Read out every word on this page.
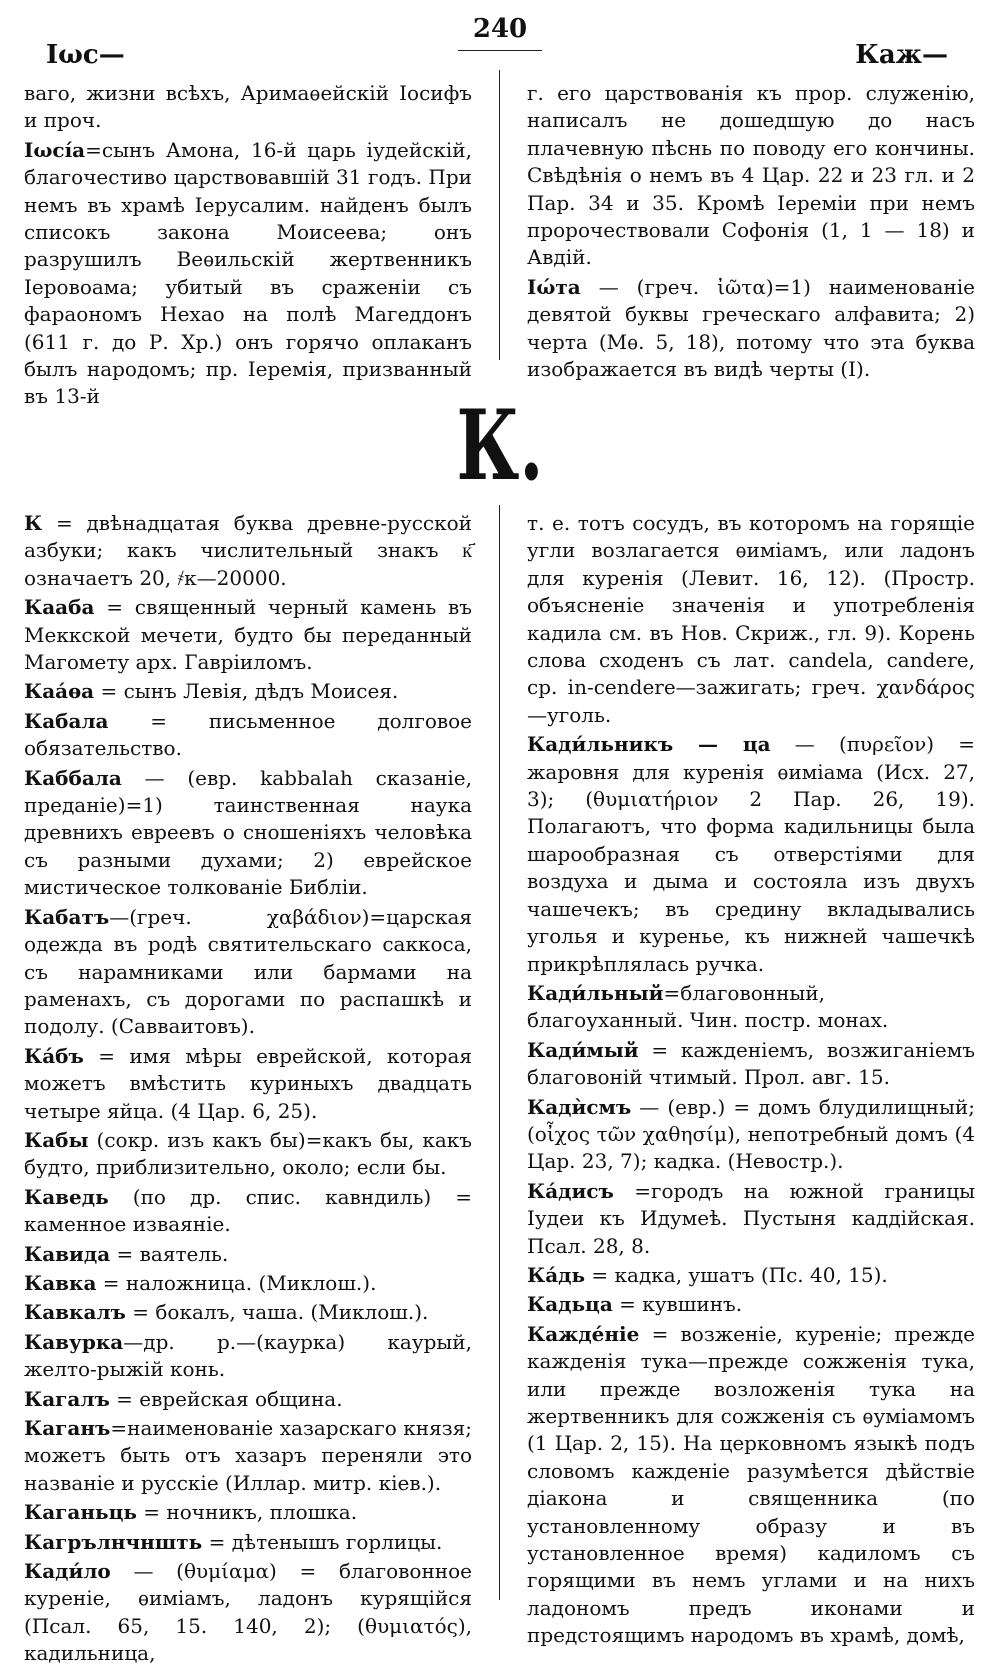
240
Іωс—	Каж—
ваго, жизни всѣхъ, Аримаѳейскій Іосифъ и проч.
Іωсі́а=сынъ Амона, 16-й царь іудейскій, благочестиво царствовавшій 31 годъ. При немъ въ храмѣ Іерусалим. найденъ былъ списокъ закона Моисеева; онъ разрушилъ Веѳильскій жертвенникъ Іеровоама; убитый въ сраженіи съ фараономъ Нехао на полѣ Магеддонъ (611 г. до Р. Хр.) онъ горячо оплаканъ былъ народомъ; пр. Іеремія, призванный въ 13-й
г. его царствованія къ прор. служенію, написалъ не дошедшую до насъ плачевную пѣснь по поводу его кончины. Свѣдѣнія о немъ въ 4 Цар. 22 и 23 гл. и 2 Пар. 34 и 35. Кромѣ Іереміи при немъ пророчествовали Софонія (1, 1 — 18) и Авдій.
Іώта — (греч. ἰῶτα)=1) наименованіе девятой буквы греческаго алфавита; 2) черта (Мѳ. 5, 18), потому что эта буква изображается въ видѣ черты (I).
К.
К = двѣнадцатая буква древне-русской азбуки; какъ числительный знакъ к҃ означаетъ 20, ҂к—20000.
Кааба = священный черный камень въ Меккской мечети, будто бы переданный Магомету арх. Гавріиломъ.
Каа́ѳа = сынъ Левія, дѣдъ Моисея.
Кабала = письменное долговое обязательство.
Каббала — (евр. kabbalah сказаніе, преданіе)=1) таинственная наука древнихъ евреевъ о сношеніяхъ человѣка съ разными духами; 2) еврейское мистическое толкованіе Библіи.
Кабатъ—(греч. χαβάδιον)=царская одежда въ родѣ святительскаго саккоса, съ нарамниками или бармами на раменахъ, съ дорогами по распашкѣ и подолу. (Савваитовъ).
Ка́бъ = имя мѣры еврейской, которая можетъ вмѣстить куриныхъ двадцать четыре яйца. (4 Цар. 6, 25).
Кабы (сокр. изъ какъ бы)=какъ бы, какъ будто, приблизительно, около; если бы.
Каведь (по др. спис. кавндиль) = каменное изваяніе.
Кавида = ваятель.
Кавка = наложница. (Миклош.).
Кавкалъ = бокалъ, чаша. (Миклош.).
Кавурка—др. р.—(каурка) каурый, желто-рыжій конь.
Кагалъ = еврейская община.
Каганъ=наименованіе хазарскаго князя; можетъ быть отъ хазаръ переняли это названіе и русскіе (Иллар. митр. кіев.).
Каганьць = ночникъ, плошка.
Кагрълнчншть = дѣтенышъ горлицы.
Кади́ло — (θυμίαμα) = благовонное куреніе, ѳиміамъ, ладонъ курящійся (Псал. 65, 15. 140, 2); (θυμιατός), кадильница,
т. е. тотъ сосудъ, въ которомъ на горящіе угли возлагается ѳиміамъ, или ладонъ для куренія (Левит. 16, 12). (Простр. объясненіе значенія и употребленія кадила см. въ Нов. Скриж., гл. 9). Корень слова сходенъ съ лат. candela, candere, ср. in-cendere—зажигать; греч. χανδάρος—уголь.
Кади́льникъ — ца — (πυρεῖον) = жаровня для куренія ѳиміама (Исх. 27, 3); (θυμιατήριον 2 Пар. 26, 19). Полагаютъ, что форма кадильницы была шарообразная съ отверстіями для воздуха и дыма и состояла изъ двухъ чашечекъ; въ средину вкладывались уголья и куренье, къ нижней чашечкѣ прикрѣплялась ручка.
Кади́льный=благовонный, благоуханный. Чин. постр. монах.
Кади́мый = кажденіемъ, возжиганіемъ благовоній чтимый. Прол. авг. 15.
Кадѝсмъ — (евр.) = домъ блудилищный; (οἶχος τῶν χαθησίμ), непотребный домъ (4 Цар. 23, 7); кадка. (Невостр.).
Ка́дисъ =городъ на южной границы Іудеи къ Идумеѣ. Пустыня каддійская. Псал. 28, 8.
Ка́дь = кадка, ушатъ (Пс. 40, 15).
Кадьца = кувшинъ.
Кажде́ніе = возженіе, куреніе; прежде кажденія тука—прежде сожженія тука, или прежде возложенія тука на жертвенникъ для сожженія съ ѳуміамомъ (1 Цар. 2, 15). На церковномъ языкѣ подъ словомъ кажденіе разумѣется дѣйствіе діакона и священника (по установленному образу и въ установленное время) кадиломъ съ горящими въ немъ углами и на нихъ ладономъ предъ иконами и предстоящимъ народомъ въ храмѣ, домѣ,
